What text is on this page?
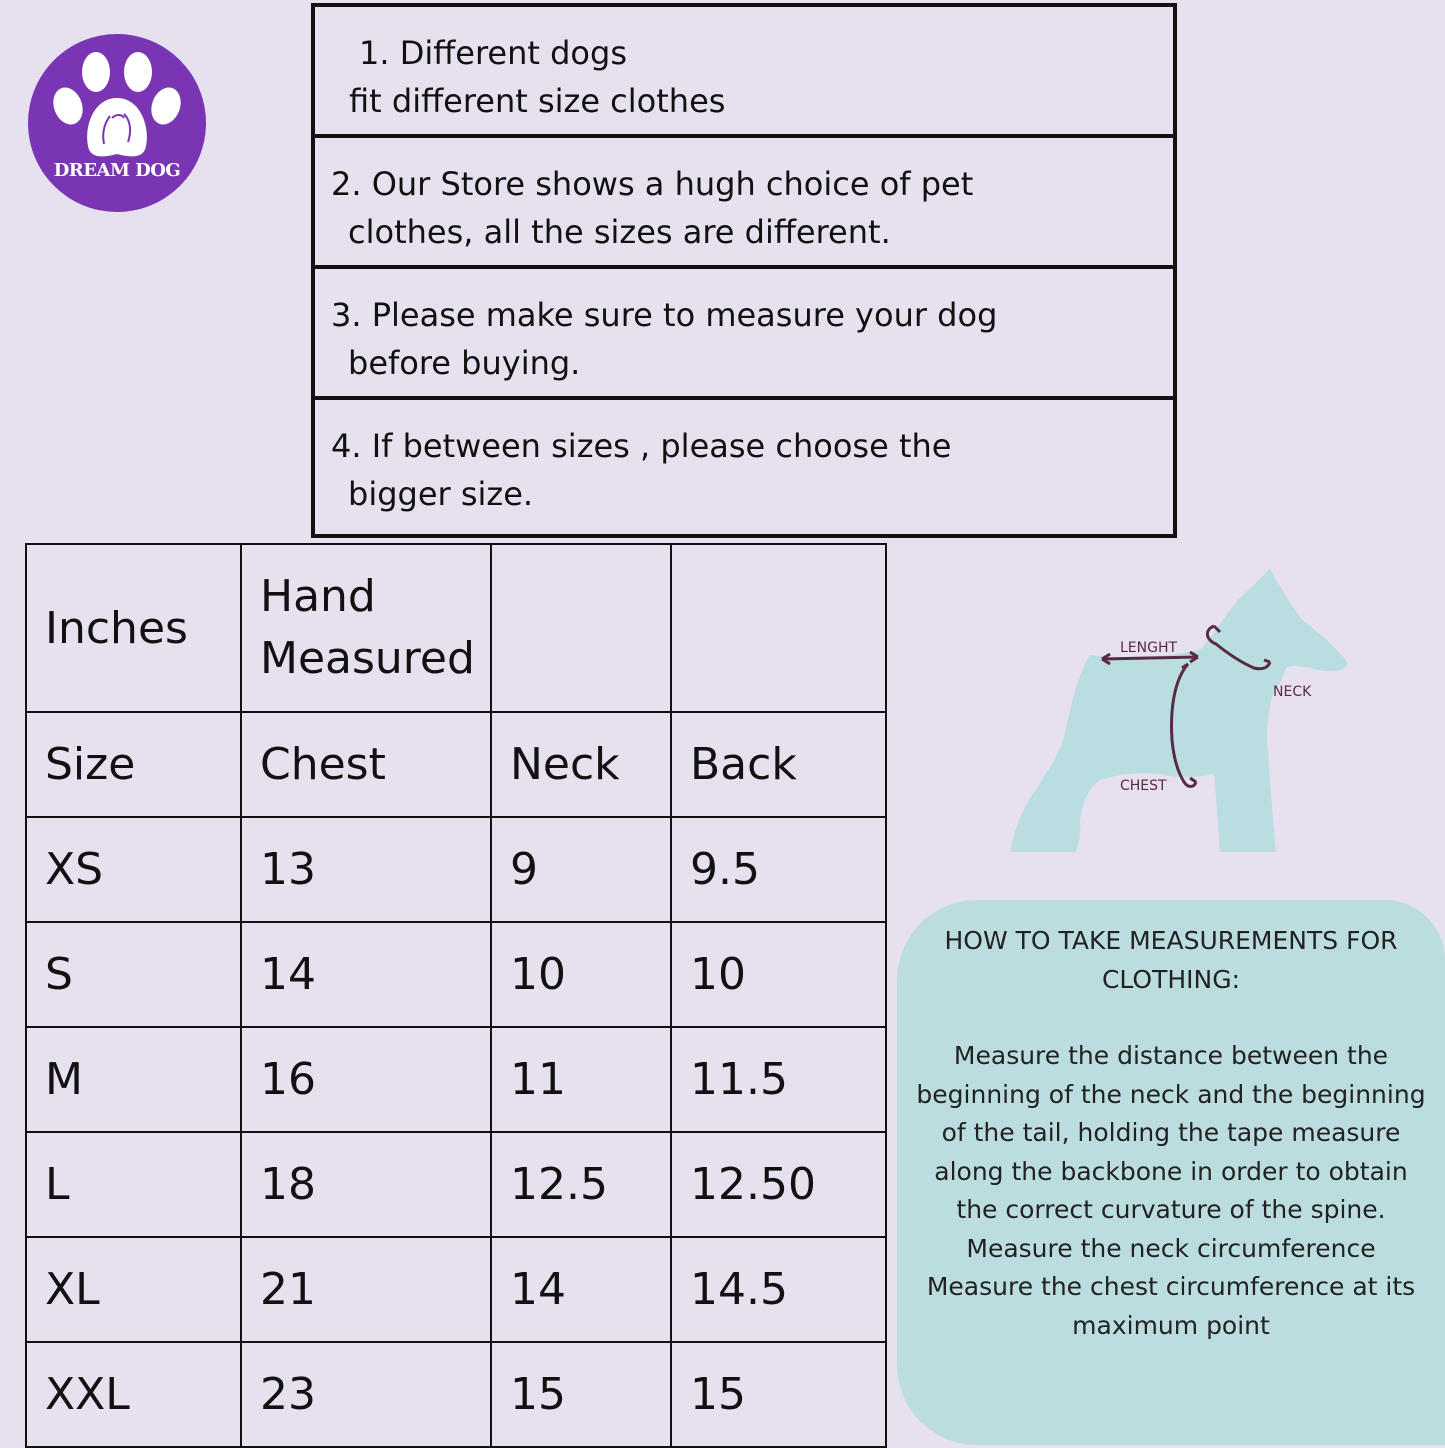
DREAM DOG
1. Different dogs
fit different size clothes
2. Our Store shows a hugh choice of pet
clothes, all the sizes are different.
3. Please make sure to measure your dog
before buying.
4. If between sizes , please choose the
bigger size.
Inches	Hand
Measured		

Size	Chest	Neck	Back
XS	13	9	9.5
S	14	10	10
M	16	11	11.5
L	18	12.5	12.50
XL	21	14	14.5
XXL	23	15	15
LENGHT
NECK
CHEST

HOW TO TAKE MEASUREMENTS FOR CLOTHING:

Measure the distance between the beginning of the neck and the beginning of the tail, holding the tape measure along the backbone in order to obtain the correct curvature of the spine.

Measure the neck circumference

Measure the chest circumference at its maximum point
